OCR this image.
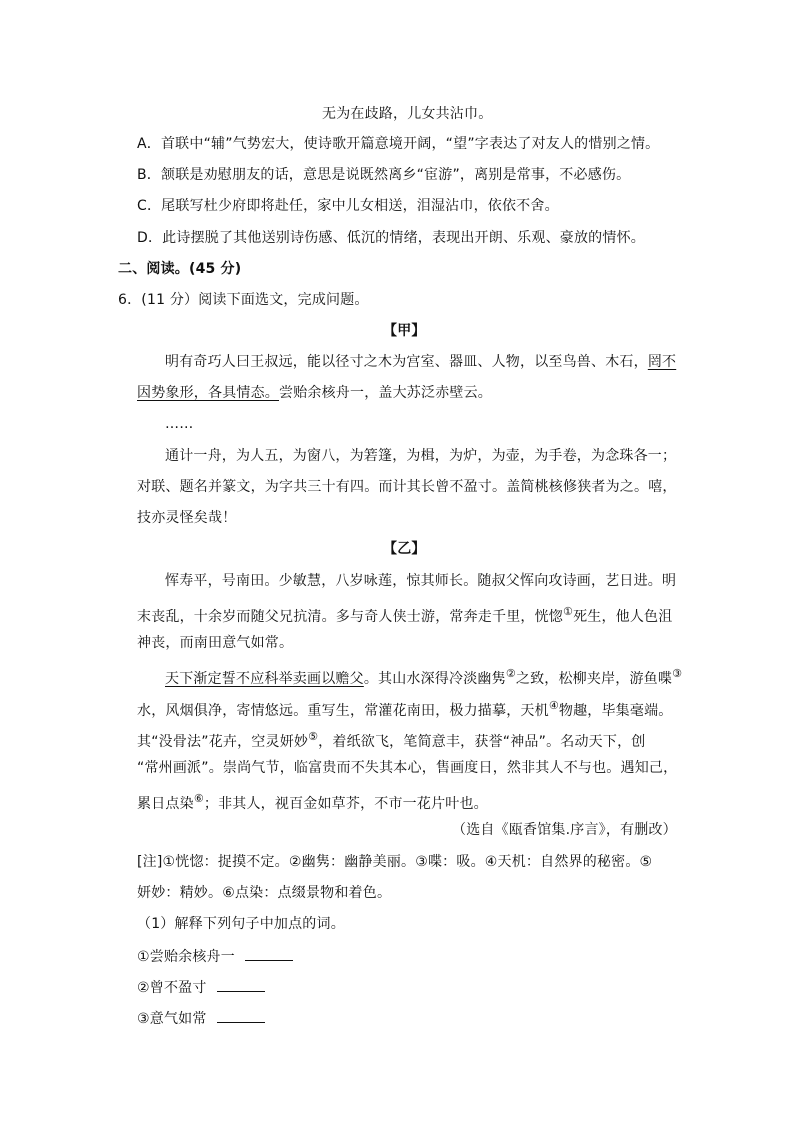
无为在歧路，儿女共沾巾。
A．首联中“辅”气势宏大，使诗歌开篇意境开阔，“望”字表达了对友人的惜别之情。
B．颔联是劝慰朋友的话，意思是说既然离乡“宦游”，离别是常事，不必感伤。
C．尾联写杜少府即将赴任，家中儿女相送，泪湿沾巾，依依不舍。
D．此诗摆脱了其他送别诗伤感、低沉的情绪，表现出开朗、乐观、豪放的情怀。
二、阅读。(45 分)
6．(11 分）阅读下面选文，完成问题。
【甲】
明有奇巧人曰王叔远，能以径寸之木为宫室、器皿、人物，以至鸟兽、木石，罔不
因势象形，各具情态。尝贻余核舟一，盖大苏泛赤壁云。
……
通计一舟，为人五，为窗八，为箬篷，为楫，为炉，为壶，为手卷，为念珠各一；
对联、题名并篆文，为字共三十有四。而计其长曾不盈寸。盖简桃核修狭者为之。嘻，
技亦灵怪矣哉！
【乙】
恽寿平，号南田。少敏慧，八岁咏莲，惊其师长。随叔父恽向攻诗画，艺日进。明
末丧乱，十余岁而随父兄抗清。多与奇人侠士游，常奔走千里，恍惚①死生，他人色沮
神丧，而南田意气如常。
天下渐定誓不应科举卖画以赡父。其山水深得冷淡幽隽②之致，松柳夹岸，游鱼喋③
水，风烟俱净，寄情悠远。重写生，常灌花南田，极力描摹，天机④物趣，毕集毫端。
其“没骨法”花卉，空灵妍妙⑤，着纸欲飞，笔简意丰，获誉“神品”。名动天下，创
“常州画派”。崇尚气节，临富贵而不失其本心，售画度日，然非其人不与也。遇知己，
累日点染⑥；非其人，视百金如草芥，不市一花片叶也。
（选自《瓯香馆集.序言》，有删改）
[注]①恍惚：捉摸不定。②幽隽：幽静美丽。③喋：吸。④天机：自然界的秘密。⑤
妍妙：精妙。⑥点染：点缀景物和着色。
（1）解释下列句子中加点的词。
①尝贻余核舟一
②曾不盈寸
③意气如常
